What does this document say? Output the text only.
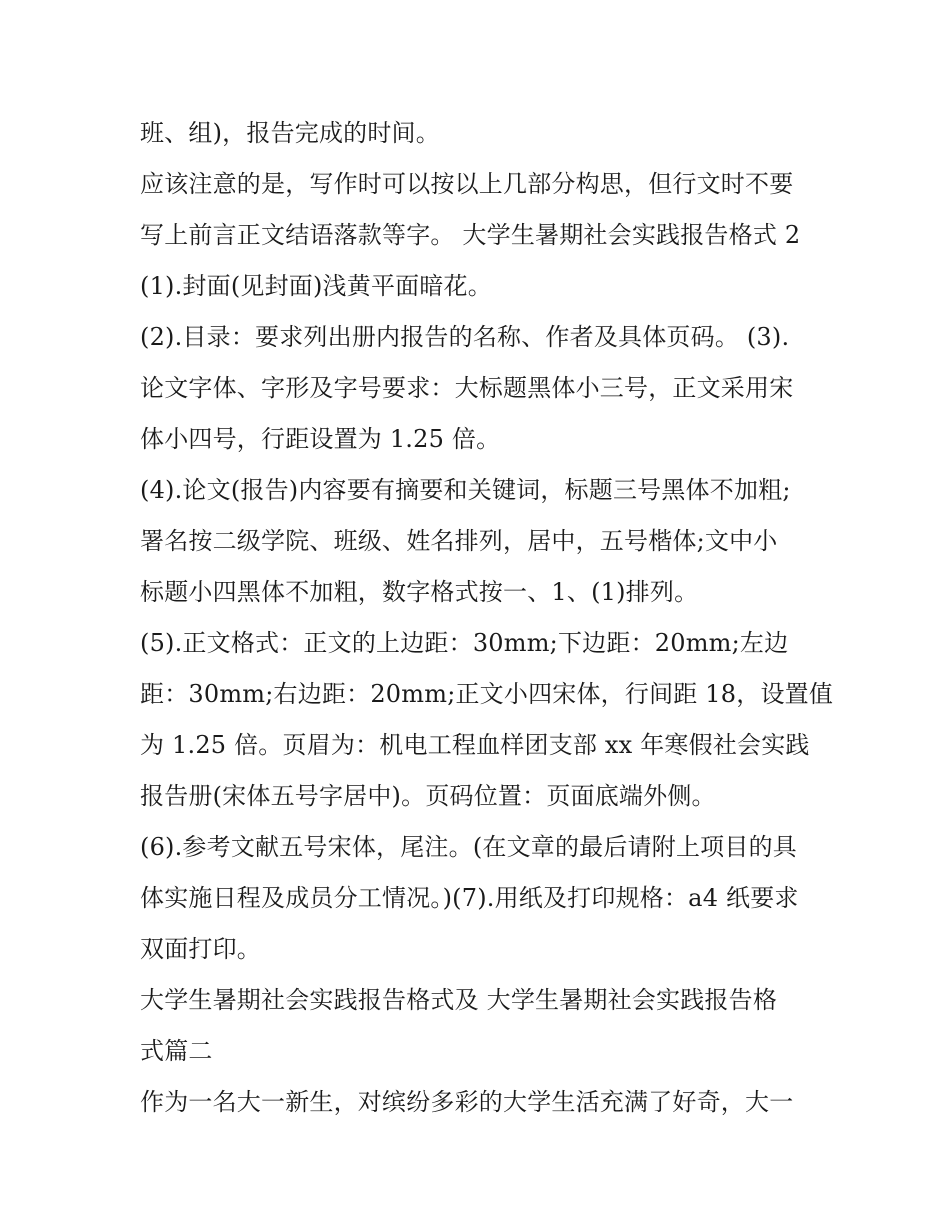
班、组)，报告完成的时间。
应该注意的是，写作时可以按以上几部分构思，但行文时不要
写上前言正文结语落款等字。 大学生暑期社会实践报告格式 2
(1).封面(见封面)浅黄平面暗花。
(2).目录：要求列出册内报告的名称、作者及具体页码。 (3).
论文字体、字形及字号要求：大标题黑体小三号，正文采用宋
体小四号，行距设置为 1.25 倍。
(4).论文(报告)内容要有摘要和关键词，标题三号黑体不加粗;
署名按二级学院、班级、姓名排列，居中，五号楷体;文中小
标题小四黑体不加粗，数字格式按一、1、(1)排列。
(5).正文格式：正文的上边距：30mm;下边距：20mm;左边
距：30mm;右边距：20mm;正文小四宋体，行间距 18，设置值
为 1.25 倍。页眉为：机电工程血样团支部 xx 年寒假社会实践
报告册(宋体五号字居中)。页码位置：页面底端外侧。
(6).参考文献五号宋体，尾注。(在文章的最后请附上项目的具
体实施日程及成员分工情况。)(7).用纸及打印规格：a4 纸要求
双面打印。
大学生暑期社会实践报告格式及 大学生暑期社会实践报告格
式篇二
作为一名大一新生，对缤纷多彩的大学生活充满了好奇，大一
